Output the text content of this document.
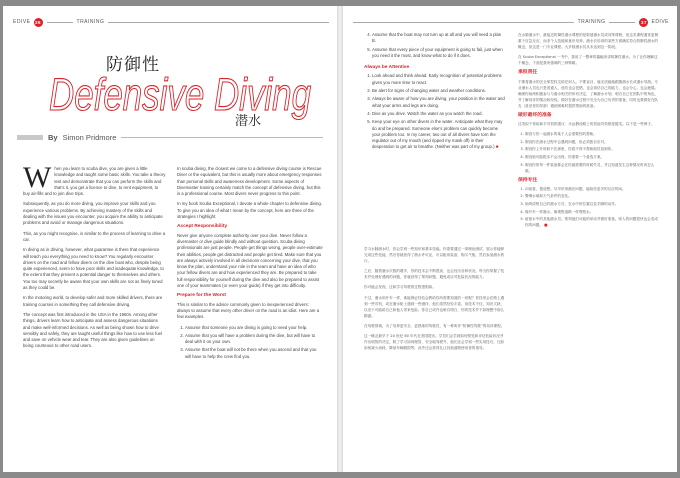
EDIVE 36	TRAINING
防御性
Defensive Diving
潜水
By Simon Pridmore

When you learn to scuba dive, you are given a little knowledge and taught some basic skills. You take a theory test and demonstrate that you can perform the skills and that’s it, you get a licence to dive, to rent equipment, to buy air-fills and to join dive trips.

Subsequently, as you do more diving, you improve your skills and you experience various problems. By achieving mastery of the skills and dealing with the issues you encounter, you acquire the ability to anticipate problems and avoid or manage dangerous situations.

This, as you might recognise, is similar to the process of learning to drive a car.

In diving as in driving, however, what guarantee is there that experience will teach you everything you need to know? You regularly encounter drivers on the road and fellow divers on the dive boat who, despite being quite experienced, seem to have poor skills and inadequate knowledge, to the extent that they present a potential danger to themselves and others. You too may secretly be aware that your own skills are not as finely tuned as they could be.

In the motoring world, to develop safer and more skilled drivers, there are training courses in something they call defensive driving.

The concept was first introduced in the USA in the 1960s. Among other things, drivers learn how to anticipate and assess dangerous situations and make well-informed decisions. As well as being shown how to drive sensibly and safely, they are taught useful things like how to use less fuel and save on vehicle wear and tear. They are also given guidelines on being courteous to other road users.

In scuba diving, the closest we come to a defensive diving course is Rescue Diver or the equivalent, but this is usually more about emergency responses than personal skills and awareness development. Some aspects of Divemaster training certainly match the concept of defensive diving, but this is a professional course. Most divers never progress to this point.

In my book Scuba Exceptional, I devote a whole chapter to defensive diving. To give you an idea of what I mean by the concept, here are three of the strategies I highlight.

Accept Responsibility

Never give anyone complete authority over your dive. Never follow a divemaster or dive guide blindly and without question. Scuba diving professionals are just people. People get things wrong, people over-estimate their abilities, people get distracted and people get tired. Make sure that you are always actively involved in all decisions concerning your dive, that you know the plan, understand your role in the team and have an idea of who your fellow divers are and how experienced they are. Be prepared to take full responsibility for yourself during the dive and also be prepared to assist one of your teammates (or even your guide) if they get into difficulty.

Prepare for the Worst

This is similar to the advice commonly given to inexperienced drivers: always to assume that every other driver on the road is an idiot. Here are a few examples.

1. Assume that someone you are diving is going to need your help.
2. Assume that you will have a problem during the dive, but will have to deal with it on your own.
3. Assume that the boat will not be there when you ascend and that you will have to help the crew find you.
TRAINING	37 EDIVE
4. Assume that the boat may not turn up at all and you will need a plan B.
5. Assume that every piece of your equipment is going to fail, just when you need it the most, and know what to do if it does.
Always be Attentive
1. Look ahead and think ahead. Early recognition of potential problems gives you more time to react.
2. Be alert for signs of changing water and weather conditions.
3. Always be aware of how you are diving, your position in the water and what your arms and legs are doing.
4. Dive as you drive. Watch the water as you watch the road.
5. Keep your eye on other divers in the water. Anticipate what they may do and be prepared. Someone else’s problem can quickly become your problem too. In my career, two out of all divers have torn the regulator out of my mouth (and ripped my mask off) in their desperation to get air to breathe. (Neither was part of my group.) ■

学习水肺潜水时，你会学到一些知识和基本技能。你需要通过一项理论测试，展示你能够完成这些技能，然后你就获得了潜水许可证，可以租用装备、购买气瓶、然后参加潜水旅行。

之后，随着潜水次数的增多，你的技术会不断提高，也会经历各种状况。每当你掌握了技术并处理好遇到的问题，你就获得了预判问题、避免或应对危险状况的能力。

你可能会发现，这和学习驾驶的过程很相似。

不过，潜水和开车一样，谁能保证经验会教给你所需要知道的一切呢？你经常会在路上遇到一些司机，或在潜水船上遇到一些潜伴，他们虽然经验丰富，但技术不佳、知识欠缺，以至于可能给自己和他人带来危险。你自己或许也暗自明白，你的技术并不如理想中那么精湛。

在驾驶领域，为了培养更安全、更熟练的驾驶员，有一种叫作“防御性驾驶”的培训课程。

这一概念最早于 20 世纪 60 年代在美国提出。学员们会学到如何预见和评估危险状况并作出明智的决定。除了学习如何理智、安全地驾驶外，他们还会学到一些实用技巧，比如如何减少油耗、降低车辆磨损等，此外还会获得礼让其他道路使用者的指导。

在水肺潜水中，最接近防御性潜水课程的是救援潜水员或同等课程，但这类课程通常更侧重于应急反应，而非个人技能和意识培养。潜水长培训的某些方面确实符合防御性潜水的概念，但这是一门专业课程。大多数潜水员从未达到这一阶段。

在 Scuba Exceptional 一书中，我用了一整章的篇幅来讲防御性潜水。为了让你理解这个概念，下面是我所强调的三种策略。

承担责任

不要将潜水的完全掌控权交给任何人。不要盲目、毫无质疑地跟随潜水长或潜水导游。专业潜水人员也只是普通人，他们也会犯错，也会高估自己的能力，也会分心，也会疲倦。确保你始终积极参与与潜水相关的所有决定，了解潜水计划，明白自己在团队中的角色，并了解同伴的情况和经验。做好在潜水过程中完全为自己负责的准备，同时也要做好在队友（甚至你的导游）遇到困难时提供帮助的准备。

做好最坏的准备

这类似于常给新手司机的建议：永远假设路上的其他司机都是傻瓜。以下是一些例子。

1. 假设与你一起潜水的某个人会需要你的帮助。
2. 假设你在潜水过程中会遇到问题，但必须独自应对。
3. 假设你上升时船不在那里，你将不得不帮助船员找到你。
4. 假设船可能根本不会出现，你需要一个备选方案。
5. 假设你的每一件装备都会在你最需要的时候失灵，并且知道发生这种情况时该怎么做。
保持专注
1. 向前看，提前想。尽早识别潜在问题，能给你更多的反应时间。
2. 警惕水域和天气条件的变化。
3. 始终清楚自己的潜水方式、在水中的位置以及手脚的动作。
4. 像开车一样潜水。像观察道路一样观察水。
5. 留意水中的其他潜水员。预判他们可能的举动并做好准备。别人的问题很快也会变成你的问题。 ■
